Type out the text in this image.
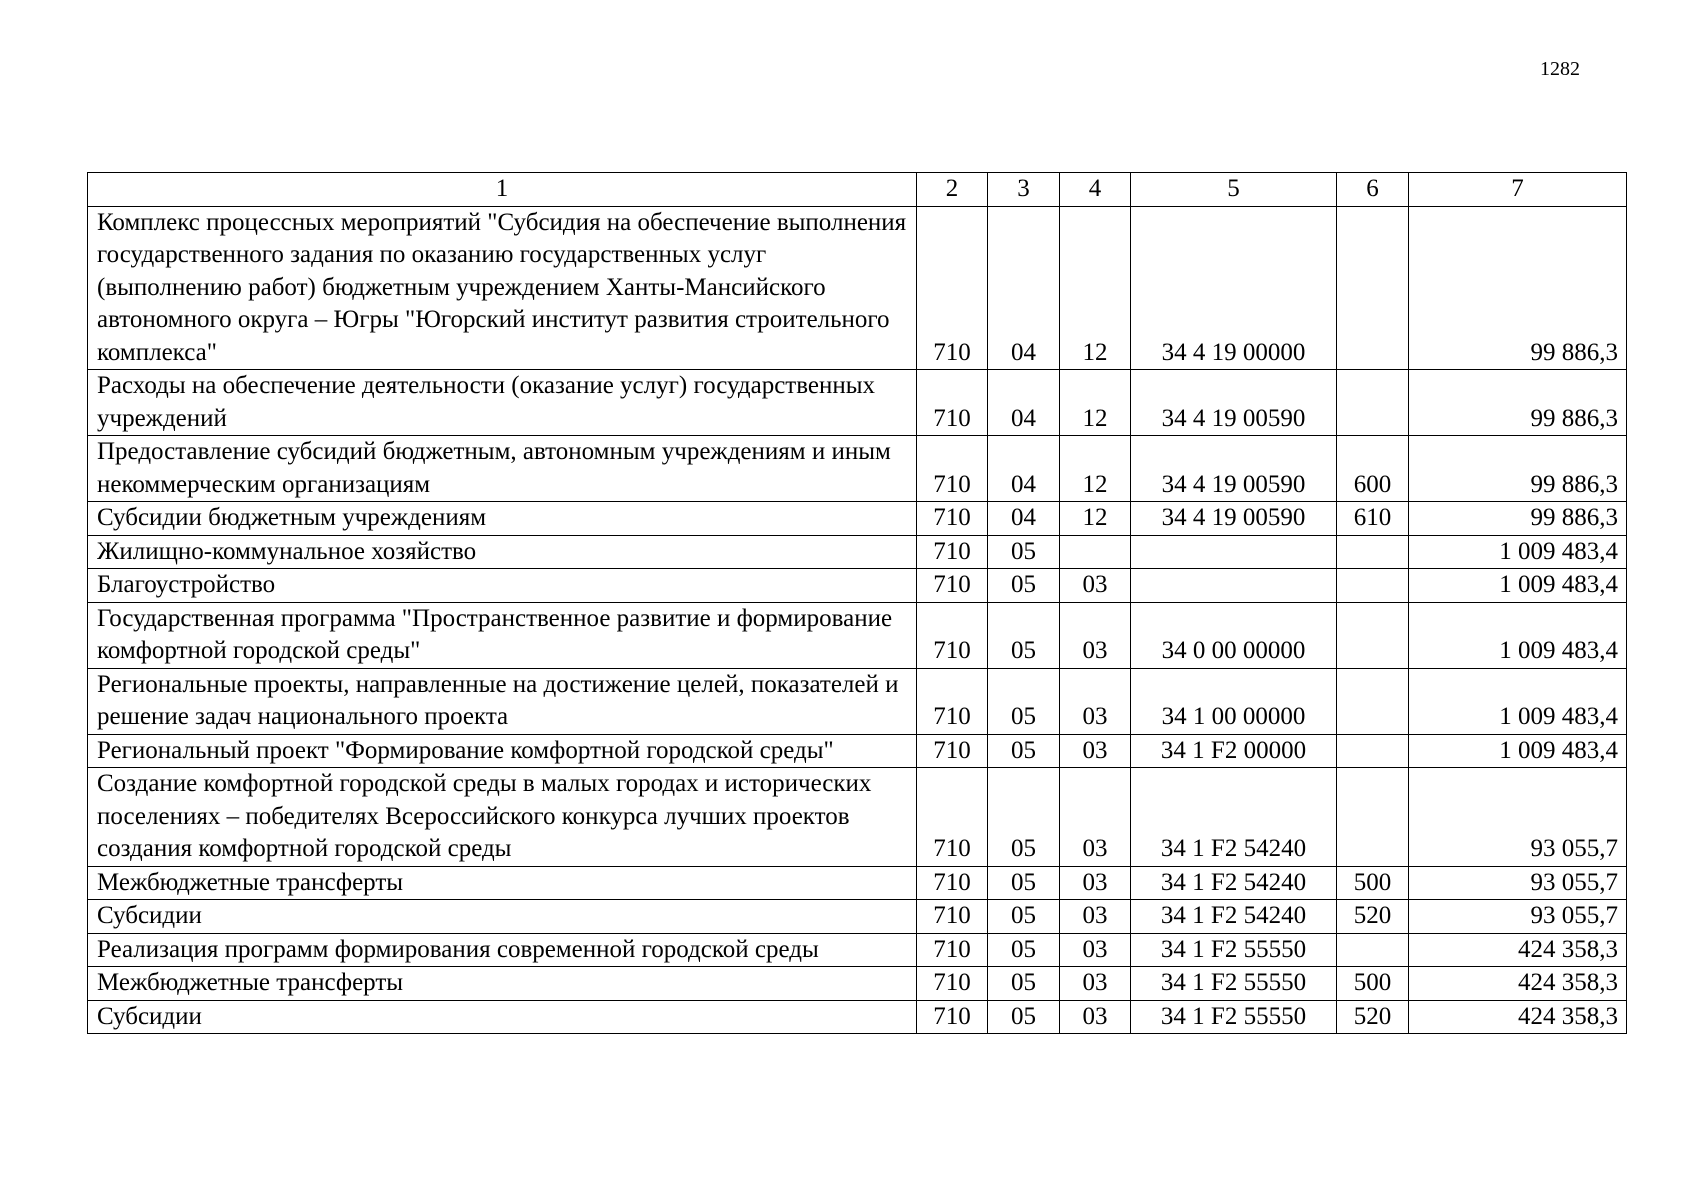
1282
1	2	3	4	5	6	7
Комплекс процессных мероприятий "Субсидия на обеспечение выполнения государственного задания по оказанию государственных услуг (выполнению работ) бюджетным учреждением Ханты-Мансийского автономного округа – Югры "Югорский институт развития строительного комплекса"	710	04	12	34 4 19 00000		99 886,3
Расходы на обеспечение деятельности (оказание услуг) государственных учреждений	710	04	12	34 4 19 00590		99 886,3
Предоставление субсидий бюджетным, автономным учреждениям и иным некоммерческим организациям	710	04	12	34 4 19 00590	600	99 886,3
Субсидии бюджетным учреждениям	710	04	12	34 4 19 00590	610	99 886,3
Жилищно-коммунальное хозяйство	710	05				1 009 483,4
Благоустройство	710	05	03			1 009 483,4
Государственная программа "Пространственное развитие и формирование комфортной городской среды"	710	05	03	34 0 00 00000		1 009 483,4
Региональные проекты, направленные на достижение целей, показателей и решение задач национального проекта	710	05	03	34 1 00 00000		1 009 483,4
Региональный проект "Формирование комфортной городской среды"	710	05	03	34 1 F2 00000		1 009 483,4
Создание комфортной городской среды в малых городах и исторических поселениях – победителях Всероссийского конкурса лучших проектов создания комфортной городской среды	710	05	03	34 1 F2 54240		93 055,7
Межбюджетные трансферты	710	05	03	34 1 F2 54240	500	93 055,7
Субсидии	710	05	03	34 1 F2 54240	520	93 055,7
Реализация программ формирования современной городской среды	710	05	03	34 1 F2 55550		424 358,3
Межбюджетные трансферты	710	05	03	34 1 F2 55550	500	424 358,3
Субсидии	710	05	03	34 1 F2 55550	520	424 358,3
